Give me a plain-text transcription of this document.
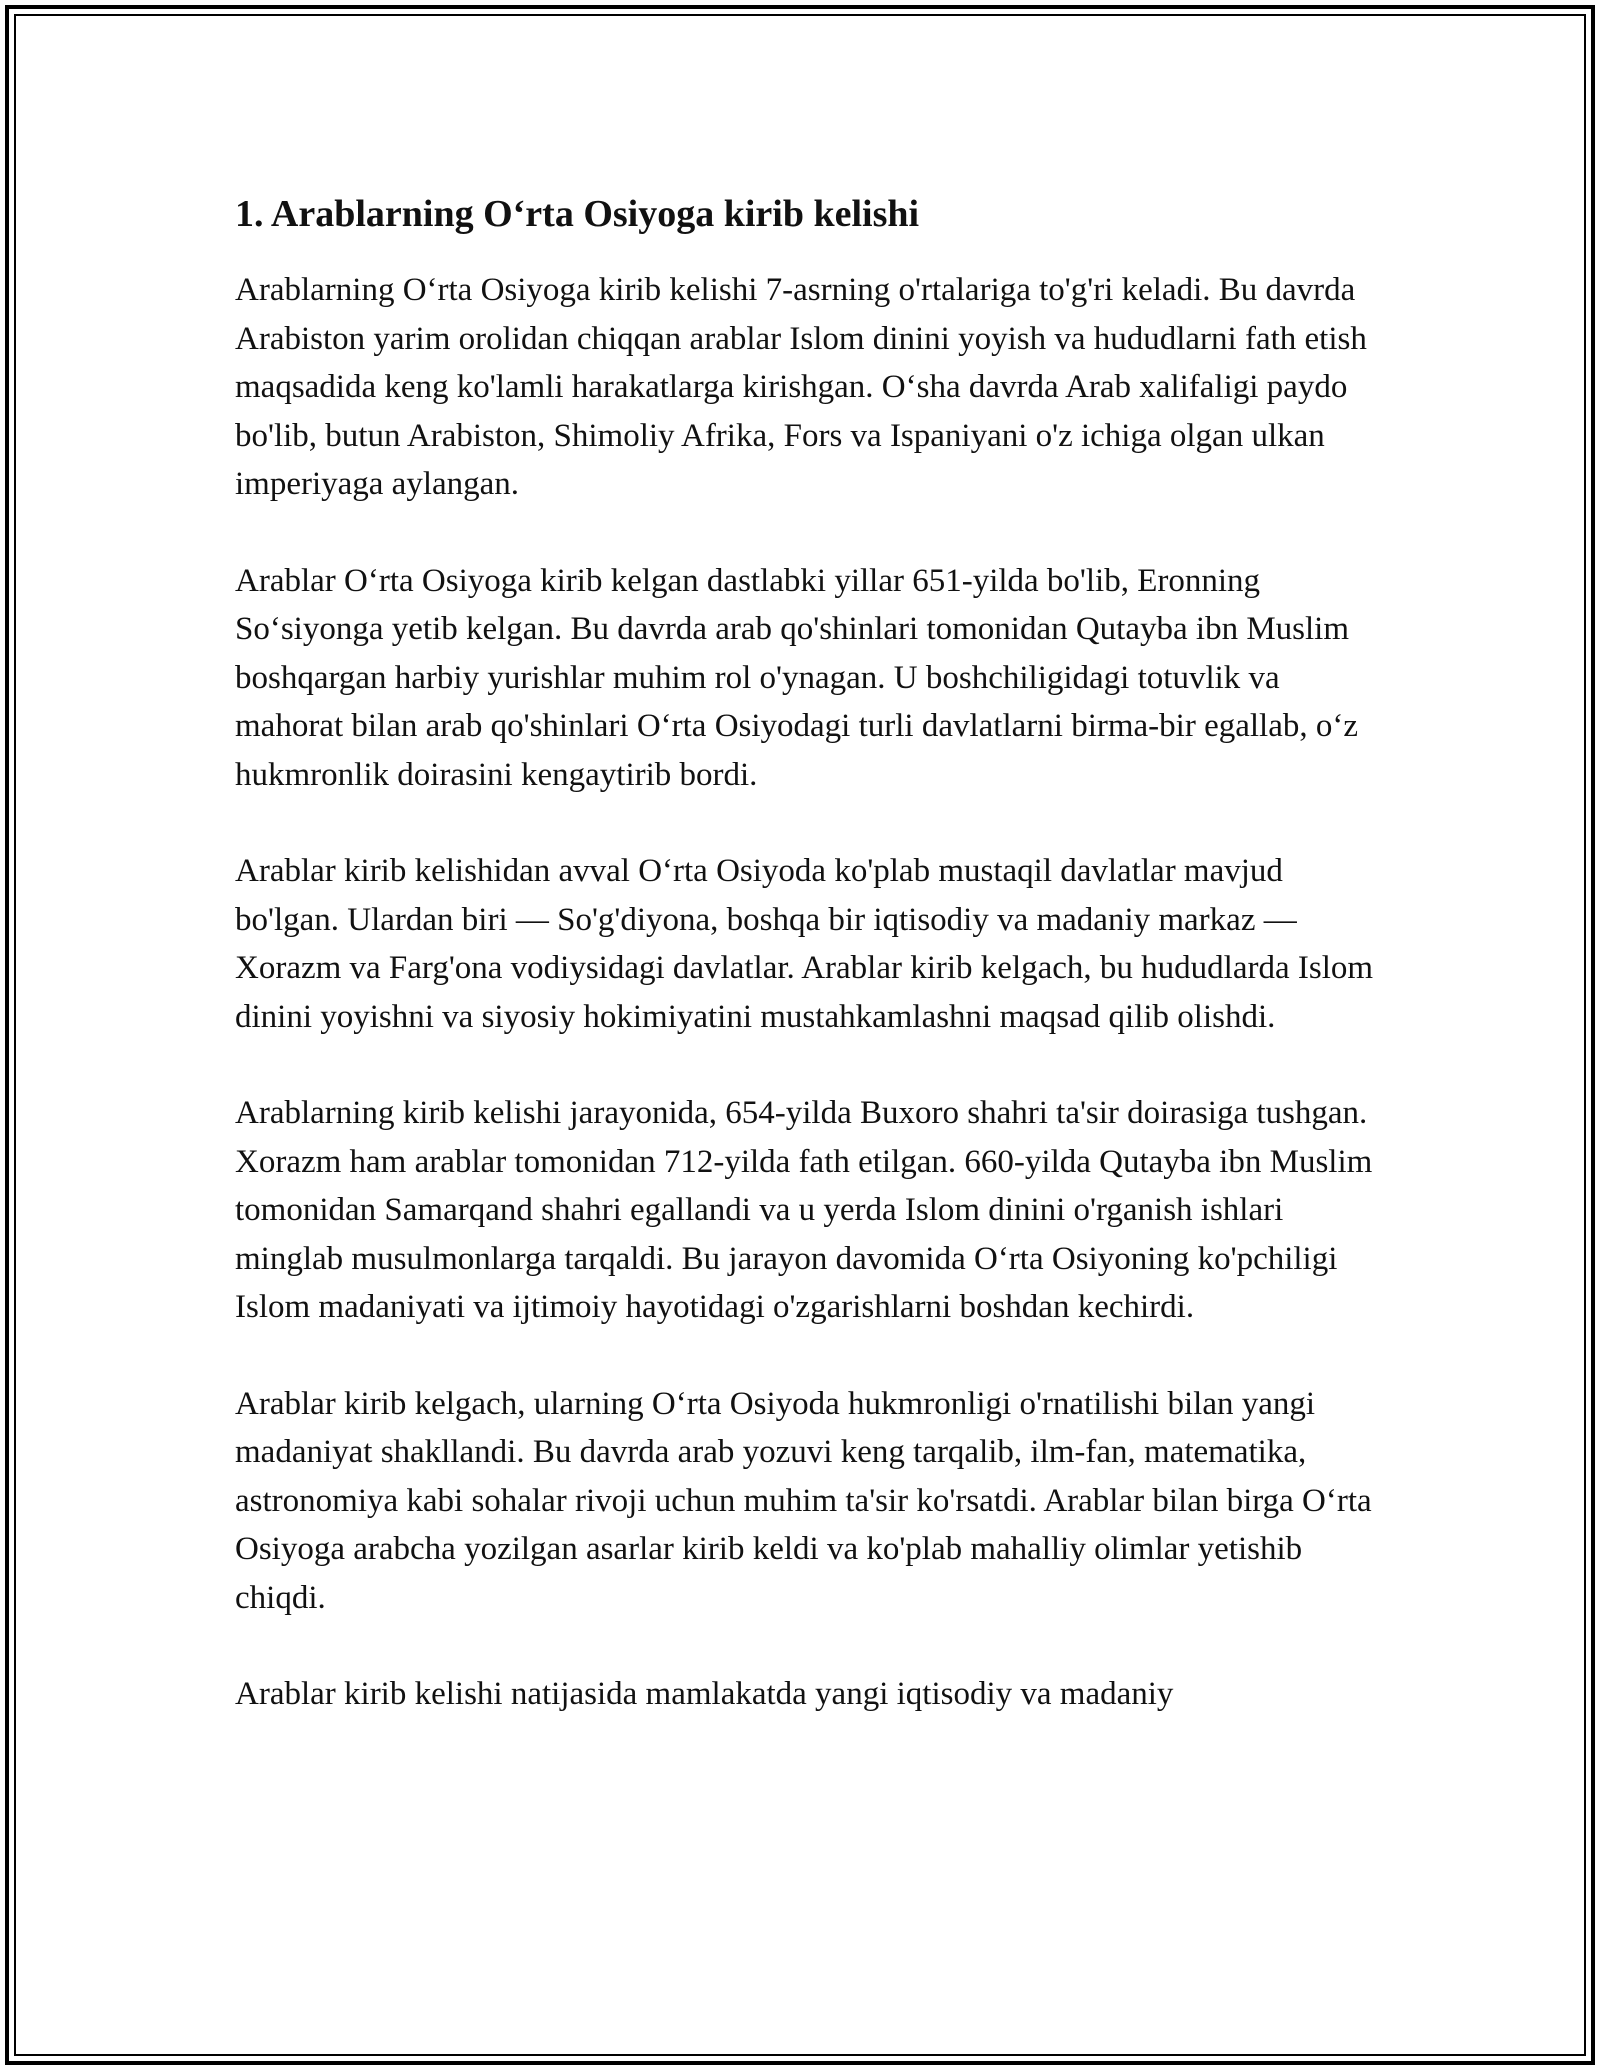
1. Arablarning O‘rta Osiyoga kirib kelishi

Arablarning O‘rta Osiyoga kirib kelishi 7-asrning o'rtalariga to'g'ri keladi. Bu davrda Arabiston yarim orolidan chiqqan arablar Islom dinini yoyish va hududlarni fath etish maqsadida keng ko'lamli harakatlarga kirishgan. O‘sha davrda Arab xalifaligi paydo bo'lib, butun Arabiston, Shimoliy Afrika, Fors va Ispaniyani o'z ichiga olgan ulkan imperiyaga aylangan.

Arablar O‘rta Osiyoga kirib kelgan dastlabki yillar 651-yilda bo'lib, Eronning So‘siyonga yetib kelgan. Bu davrda arab qo'shinlari tomonidan Qutayba ibn Muslim boshqargan harbiy yurishlar muhim rol o'ynagan. U boshchiligidagi totuvlik va mahorat bilan arab qo'shinlari O‘rta Osiyodagi turli davlatlarni birma-bir egallab, o‘z hukmronlik doirasini kengaytirib bordi.

Arablar kirib kelishidan avval O‘rta Osiyoda ko'plab mustaqil davlatlar mavjud bo'lgan. Ulardan biri — So'g'diyona, boshqa bir iqtisodiy va madaniy markaz — Xorazm va Farg'ona vodiysidagi davlatlar. Arablar kirib kelgach, bu hududlarda Islom dinini yoyishni va siyosiy hokimiyatini mustahkamlashni maqsad qilib olishdi.

Arablarning kirib kelishi jarayonida, 654-yilda Buxoro shahri ta'sir doirasiga tushgan. Xorazm ham arablar tomonidan 712-yilda fath etilgan. 660-yilda Qutayba ibn Muslim tomonidan Samarqand shahri egallandi va u yerda Islom dinini o'rganish ishlari minglab musulmonlarga tarqaldi. Bu jarayon davomida O‘rta Osiyoning ko'pchiligi Islom madaniyati va ijtimoiy hayotidagi o'zgarishlarni boshdan kechirdi.

Arablar kirib kelgach, ularning O‘rta Osiyoda hukmronligi o'rnatilishi bilan yangi madaniyat shakllandi. Bu davrda arab yozuvi keng tarqalib, ilm-fan, matematika, astronomiya kabi sohalar rivoji uchun muhim ta'sir ko'rsatdi. Arablar bilan birga O‘rta Osiyoga arabcha yozilgan asarlar kirib keldi va ko'plab mahalliy olimlar yetishib chiqdi.

Arablar kirib kelishi natijasida mamlakatda yangi iqtisodiy va madaniy
